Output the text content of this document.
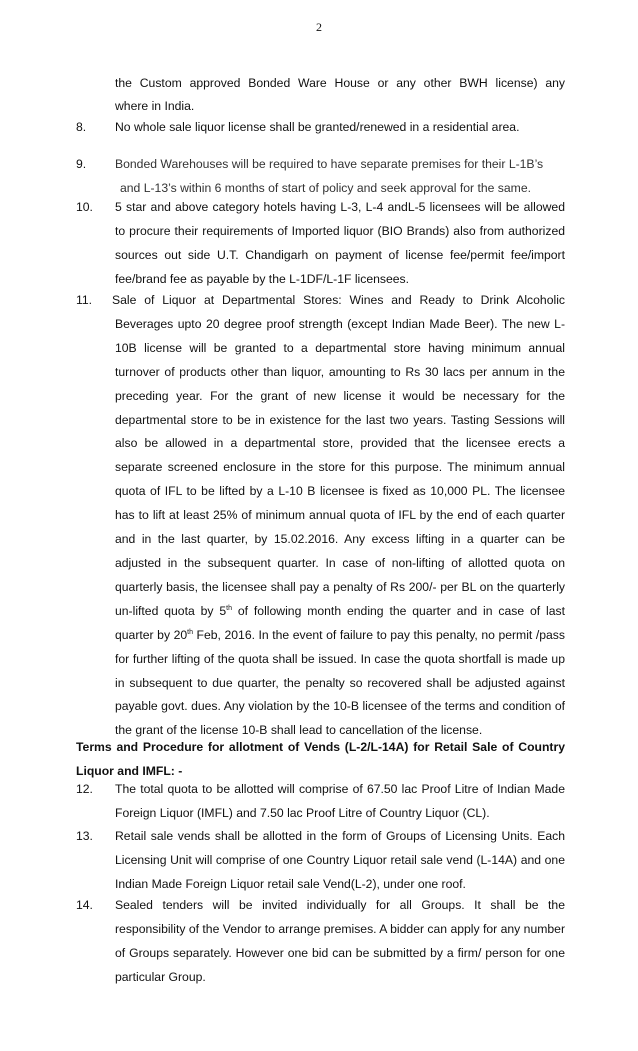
2
the Custom approved Bonded Ware House or any other BWH license) any
where in India.
8. No whole sale liquor license shall be granted/renewed in a residential area.
9. Bonded Warehouses will be required to have separate premises for their L-1B’s
and L-13’s within 6 months of start of policy and seek approval for the same.
10. 5 star and above category hotels having L-3, L-4 andL-5 licensees will be allowed to procure their requirements of Imported liquor (BIO Brands) also from authorized sources out side U.T. Chandigarh on payment of license fee/permit fee/import fee/brand fee as payable by the L-1DF/L-1F licensees.
11. Sale of Liquor at Departmental Stores: Wines and Ready to Drink Alcoholic Beverages upto 20 degree proof strength (except Indian Made Beer). The new L-10B license will be granted to a departmental store having minimum annual turnover of products other than liquor, amounting to Rs 30 lacs per annum in the preceding year. For the grant of new license it would be necessary for the departmental store to be in existence for the last two years. Tasting Sessions will also be allowed in a departmental store, provided that the licensee erects a separate screened enclosure in the store for this purpose. The minimum annual quota of IFL to be lifted by a L-10 B licensee is fixed as 10,000 PL. The licensee has to lift at least 25% of minimum annual quota of IFL by the end of each quarter and in the last quarter, by 15.02.2016. Any excess lifting in a quarter can be adjusted in the subsequent quarter. In case of non-lifting of allotted quota on quarterly basis, the licensee shall pay a penalty of Rs 200/- per BL on the quarterly un-lifted quota by 5th of following month ending the quarter and in case of last quarter by 20th Feb, 2016. In the event of failure to pay this penalty, no permit /pass for further lifting of the quota shall be issued. In case the quota shortfall is made up in subsequent to due quarter, the penalty so recovered shall be adjusted against payable govt. dues. Any violation by the 10-B licensee of the terms and condition of the grant of the license 10-B shall lead to cancellation of the license.
Terms and Procedure for allotment of Vends (L-2/L-14A) for Retail Sale of Country Liquor and IMFL: -
12. The total quota to be allotted will comprise of 67.50 lac Proof Litre of Indian Made Foreign Liquor (IMFL) and 7.50 lac Proof Litre of Country Liquor (CL).
13. Retail sale vends shall be allotted in the form of Groups of Licensing Units. Each Licensing Unit will comprise of one Country Liquor retail sale vend (L-14A) and one Indian Made Foreign Liquor retail sale Vend(L-2), under one roof.
14. Sealed tenders will be invited individually for all Groups. It shall be the responsibility of the Vendor to arrange premises. A bidder can apply for any number of Groups separately. However one bid can be submitted by a firm/ person for one particular Group.
